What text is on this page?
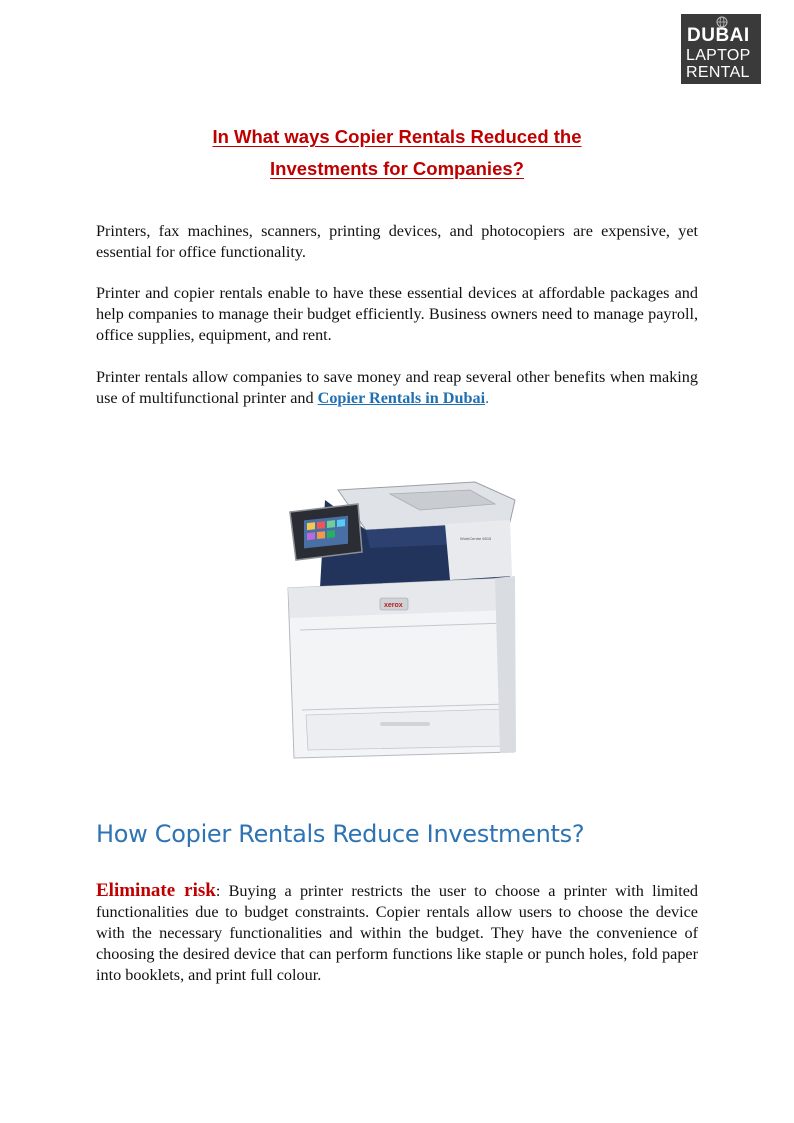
DUBAI
LAPTOP
RENTAL
In What ways Copier Rentals Reduced the
Investments for Companies?

Printers, fax machines, scanners, printing devices, and photocopiers are expensive, yet essential for office functionality.

Printer and copier rentals enable to have these essential devices at affordable packages and help companies to manage their budget efficiently. Business owners need to manage payroll, office supplies, equipment, and rent.

Printer rentals allow companies to save money and reap several other benefits when making use of multifunctional printer and Copier Rentals in Dubai.

WorkCentre 6515
xerox
How Copier Rentals Reduce Investments?

Eliminate risk: Buying a printer restricts the user to choose a printer with limited functionalities due to budget constraints. Copier rentals allow users to choose the device with the necessary functionalities and within the budget. They have the convenience of choosing the desired device that can perform functions like staple or punch holes, fold paper into booklets, and print full colour.
